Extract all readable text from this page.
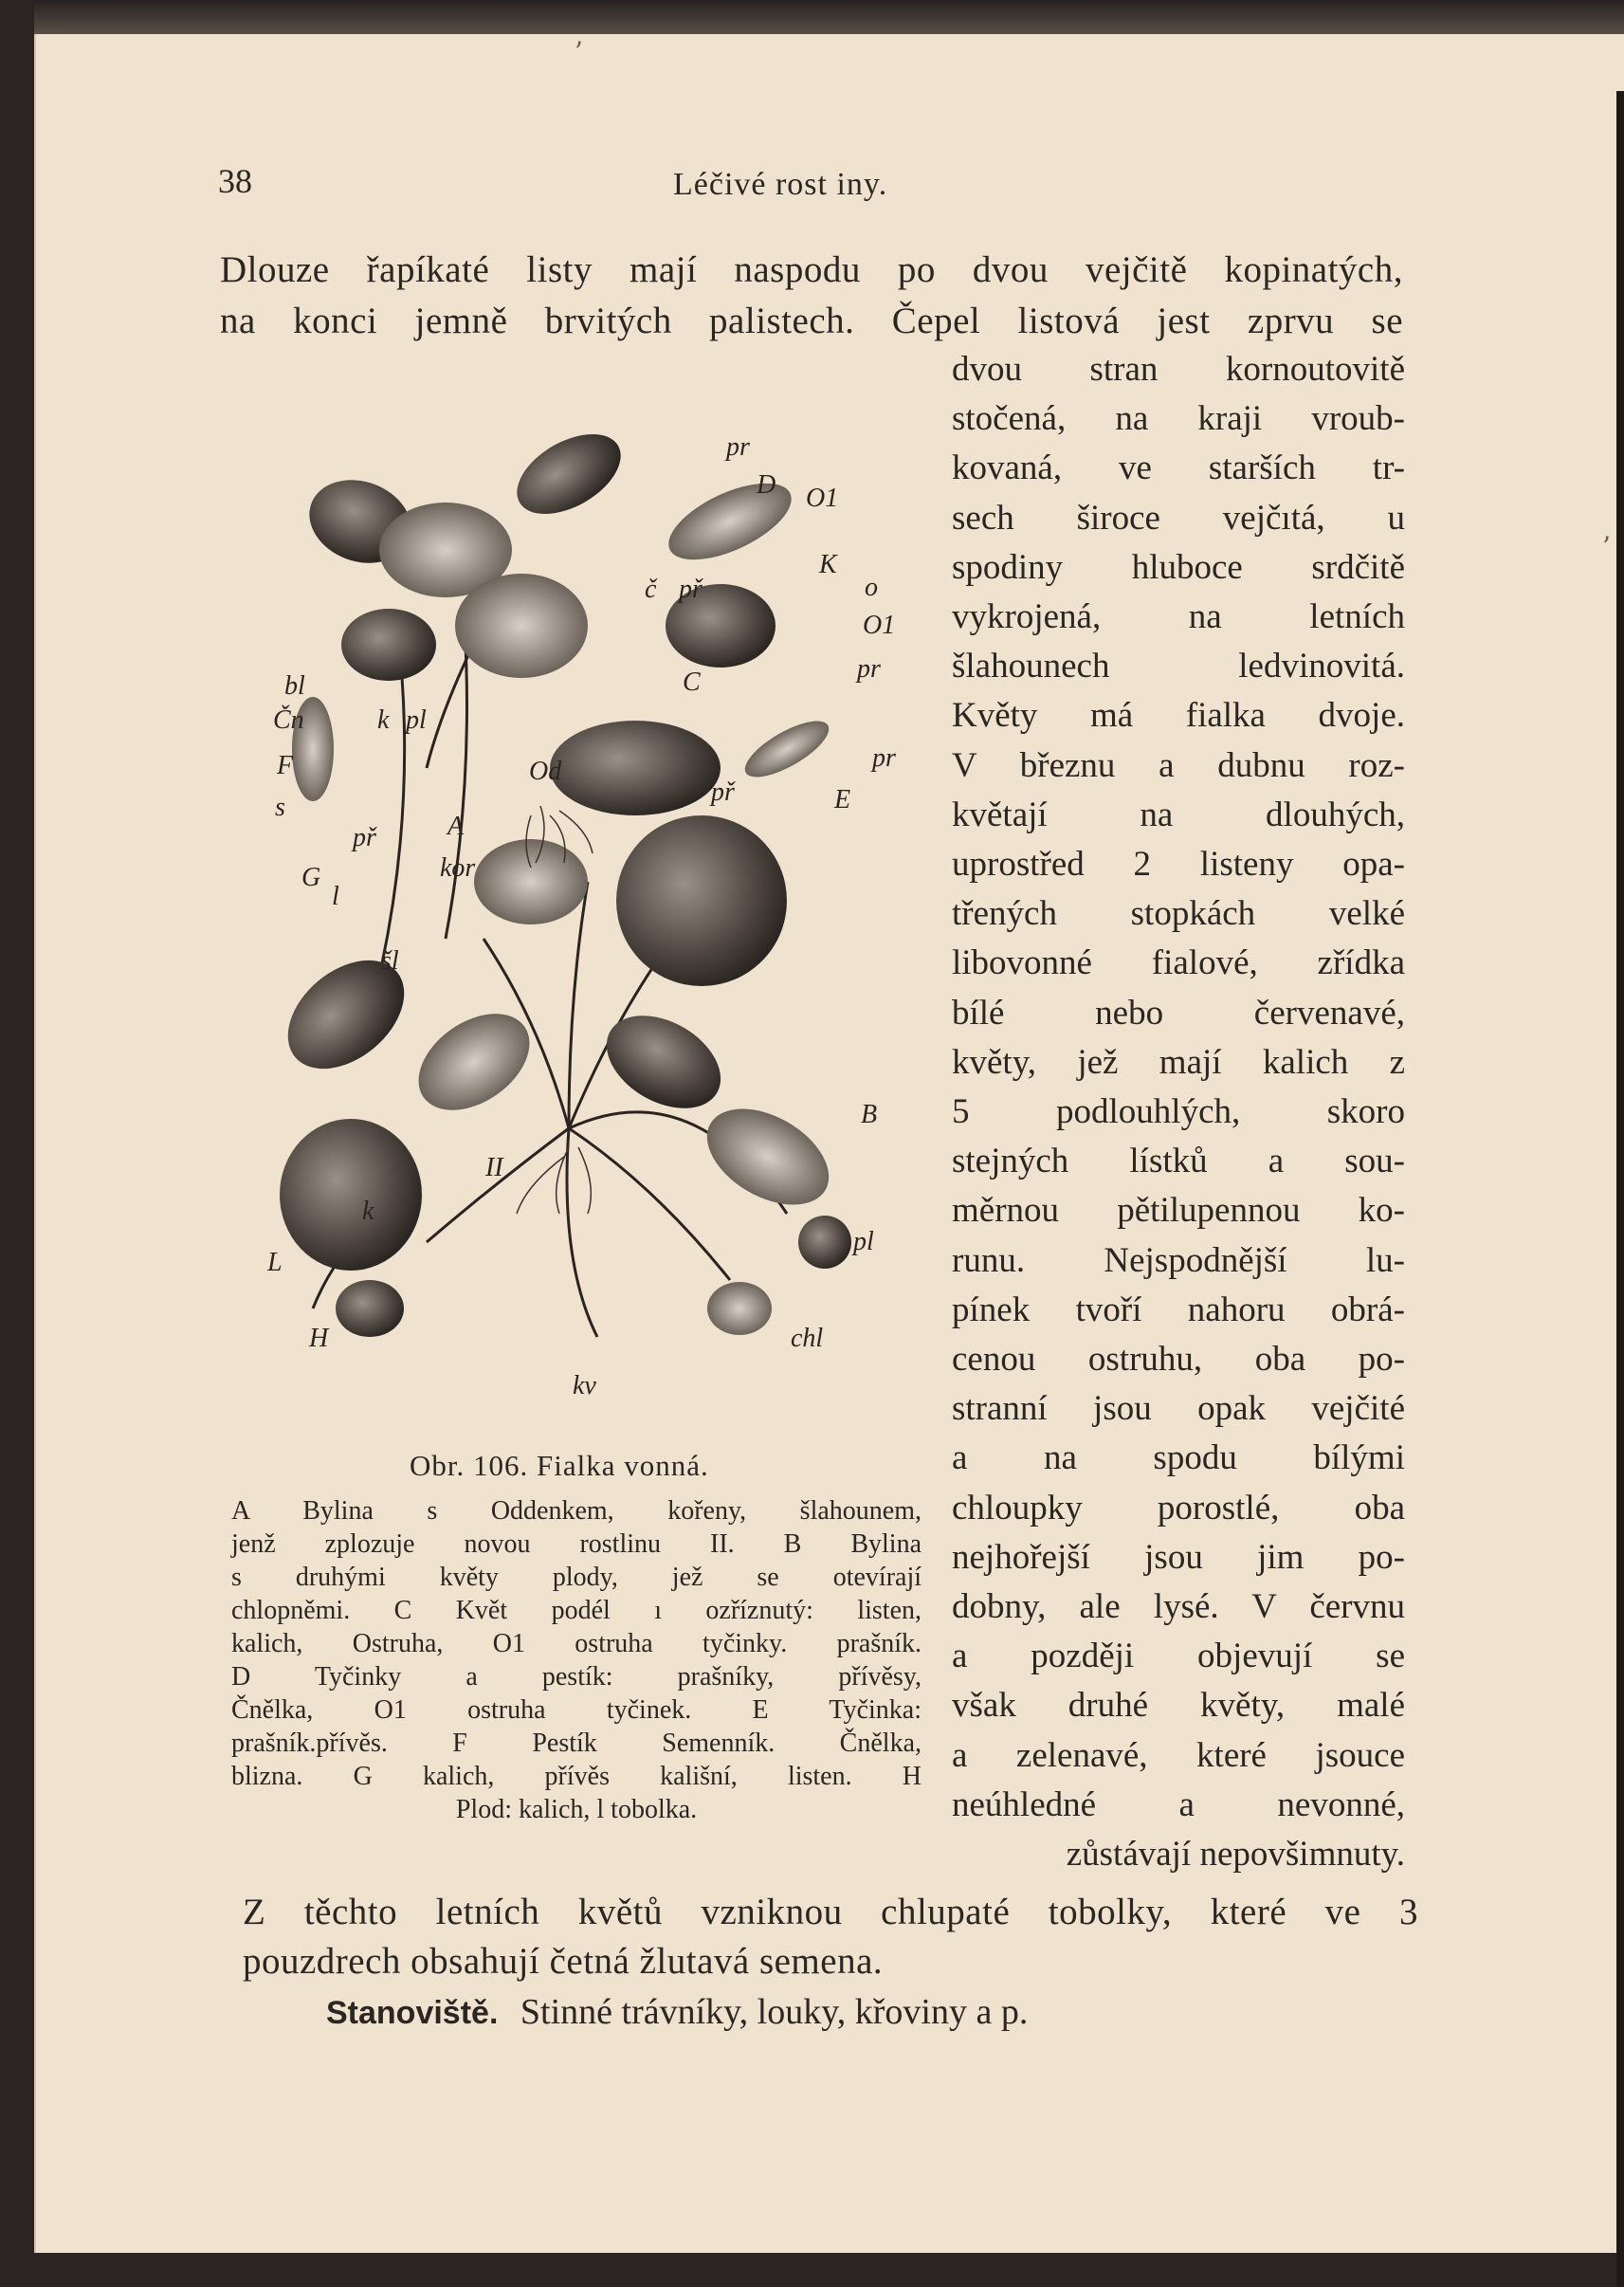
38	Léčivé rost iny.
Dlouze řapíkaté listy mají naspodu po dvou vejčitě kopinatých,
na konci jemně brvitých palistech. Čepel listová jest zprvu se
dvou stran kornoutovitě
stočená, na kraji vroub-
kovaná, ve starších tr-
sech široce vejčıtá, u
spodiny hluboce srdčitě
vykrojená, na letních
šlahounech ledvinovitá.
Květy má fialka dvoje.
V březnu a dubnu roz-
květají na dlouhých,
uprostřed 2 listeny opa-
třených stopkách velké
libovonné fialové, zřídka
bílé nebo červenavé,
květy, jež mají kalich z
5 podlouhlých, skoro
stejných lístků a sou-
měrnou pětilupennou ko-
runu. Nejspodnější lu-
pínek tvoří nahoru obrá-
cenou ostruhu, oba po-
stranní jsou opak vejčité
a na spodu bílými
chloupky porostlé, oba
nejhořejší jsou jim po-
dobny, ale lysé. V červnu
a později objevují se
však druhé květy, malé
a zelenavé, které jsouce
neúhledné a nevonné,
zůstávají nepovšimnuty.
pr
D O1
K
č př	o
O1
pr
C
bl
Čn	k pl
F
s
Od	pr
př	E
A
př
G
l
kor
šl
B
II
k
pl
L
H	chl
kv
Obr. 106. Fialka vonná.
A Bylina s Oddenkem, kořeny, šlahounem,
jenž zplozuje novou rostlinu II. B Bylina
s druhými květy plody, jež se otevírají
chlopněmi. C Květ podél ı ozříznutý: listen,
kalich, Ostruha, O1 ostruha tyčinky. prašník.
D Tyčinky a pestík: prašníky, přívěsy,
Čnělka, O1 ostruha tyčinek. E Tyčinka:
prašník.přívěs. F Pestík Semenník. Čnělka,
blizna. G kalich, přívěs kališní, listen. H
Plod: kalich, l tobolka.
Z těchto letních květů vzniknou chlupaté tobolky, které ve 3
pouzdrech obsahují četná žlutavá semena.
Stanoviště. Stinné trávníky, louky, křoviny a p.
’
’
